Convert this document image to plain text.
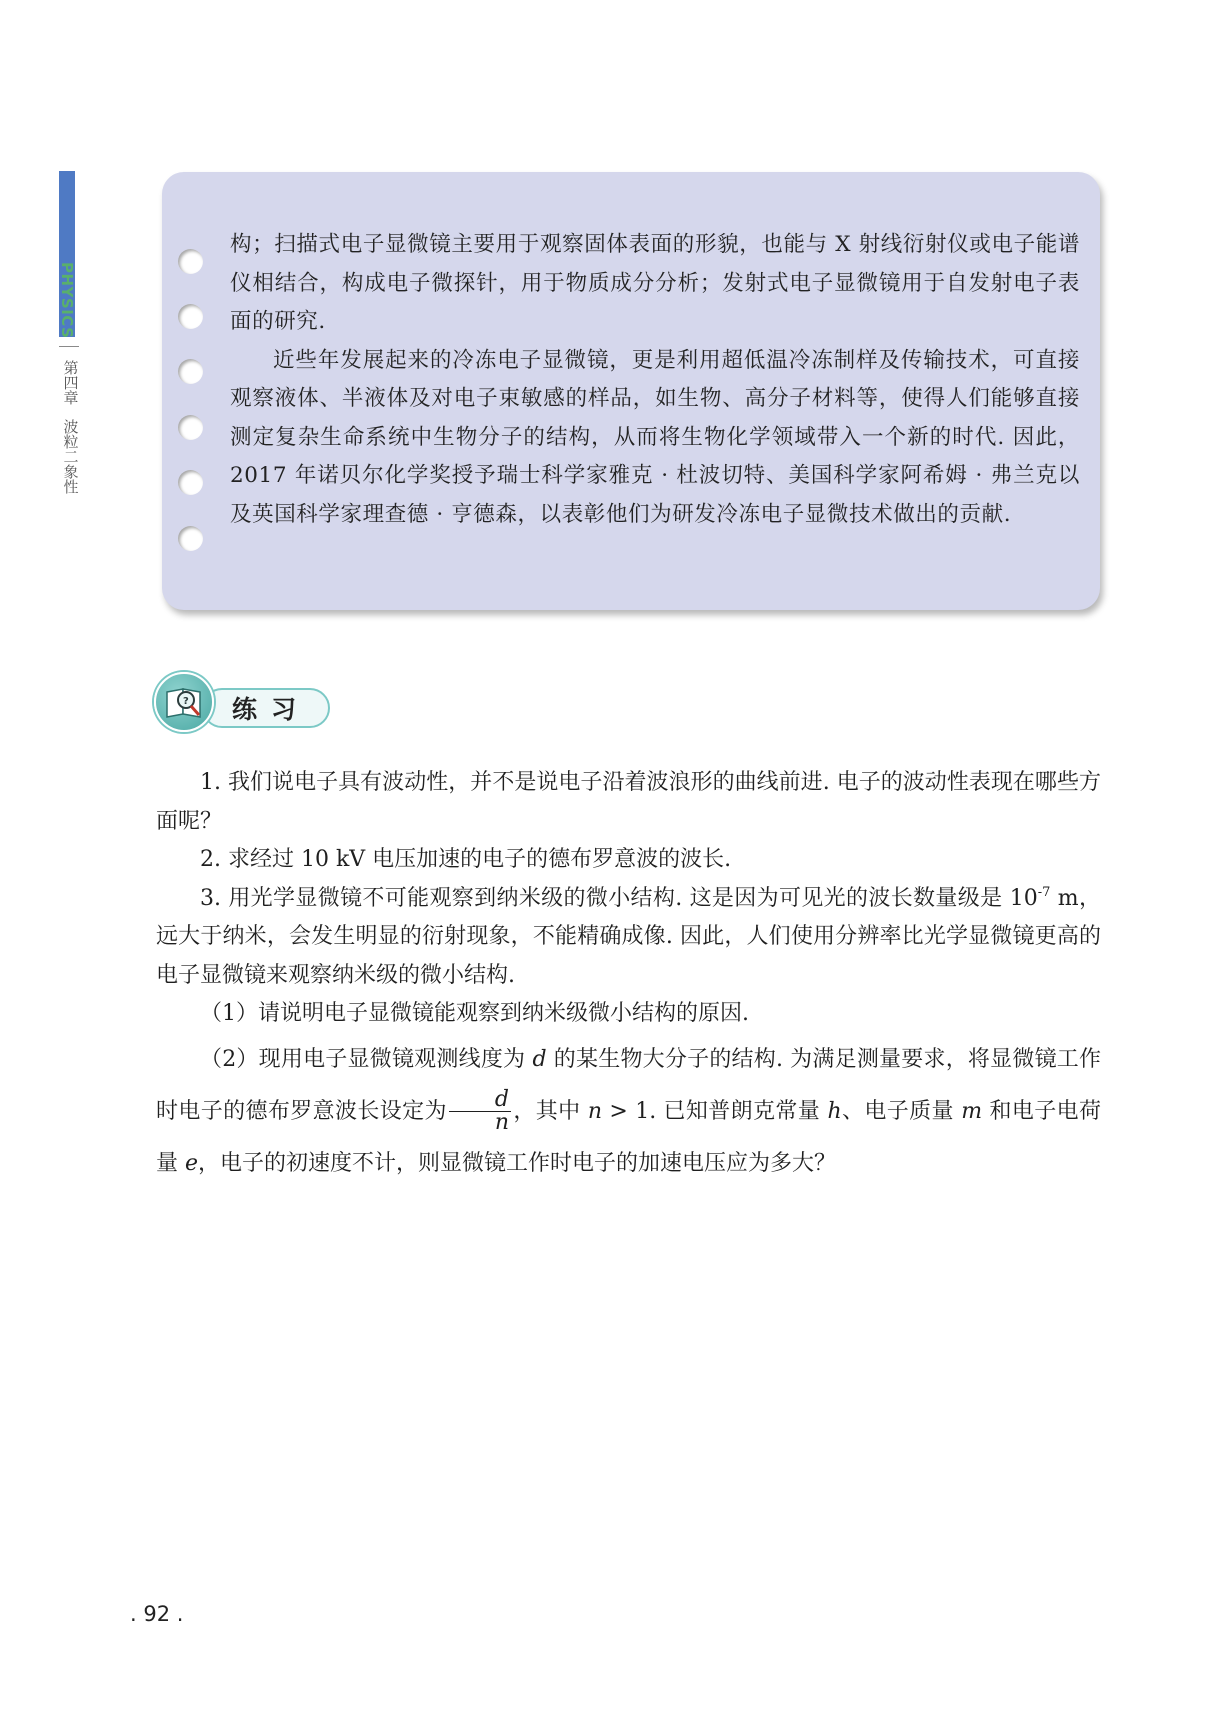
PHYSICS
第四章
波粒二象性

构；扫描式电子显微镜主要用于观察固体表面的形貌，也能与 X 射线衍射仪或电子能谱仪相结合，构成电子微探针，用于物质成分分析；发射式电子显微镜用于自发射电子表面的研究.

近些年发展起来的冷冻电子显微镜，更是利用超低温冷冻制样及传输技术，可直接观察液体、半液体及对电子束敏感的样品，如生物、高分子材料等，使得人们能够直接测定复杂生命系统中生物分子的结构，从而将生物化学领域带入一个新的时代. 因此，2017 年诺贝尔化学奖授予瑞士科学家雅克 · 杜波切特、美国科学家阿希姆 · 弗兰克以及英国科学家理查德 · 亨德森，以表彰他们为研发冷冻电子显微技术做出的贡献.

? 练习

1. 我们说电子具有波动性，并不是说电子沿着波浪形的曲线前进. 电子的波动性表现在哪些方面呢？

2. 求经过 10 kV 电压加速的电子的德布罗意波的波长.

3. 用光学显微镜不可能观察到纳米级的微小结构. 这是因为可见光的波长数量级是 $10^{-7}$ m，远大于纳米，会发生明显的衍射现象，不能精确成像. 因此，人们使用分辨率比光学显微镜更高的电子显微镜来观察纳米级的微小结构.

（1）请说明电子显微镜能观察到纳米级微小结构的原因.

（2）现用电子显微镜观测线度为 d 的某生物大分子的结构. 为满足测量要求，将显微镜工作时电子的德布罗意波长设定为 $\frac{d}{n}$ ，其中 n > 1. 已知普朗克常量 h、电子质量 m 和电子电荷量 e，电子的初速度不计，则显微镜工作时电子的加速电压应为多大？

. 92 .
